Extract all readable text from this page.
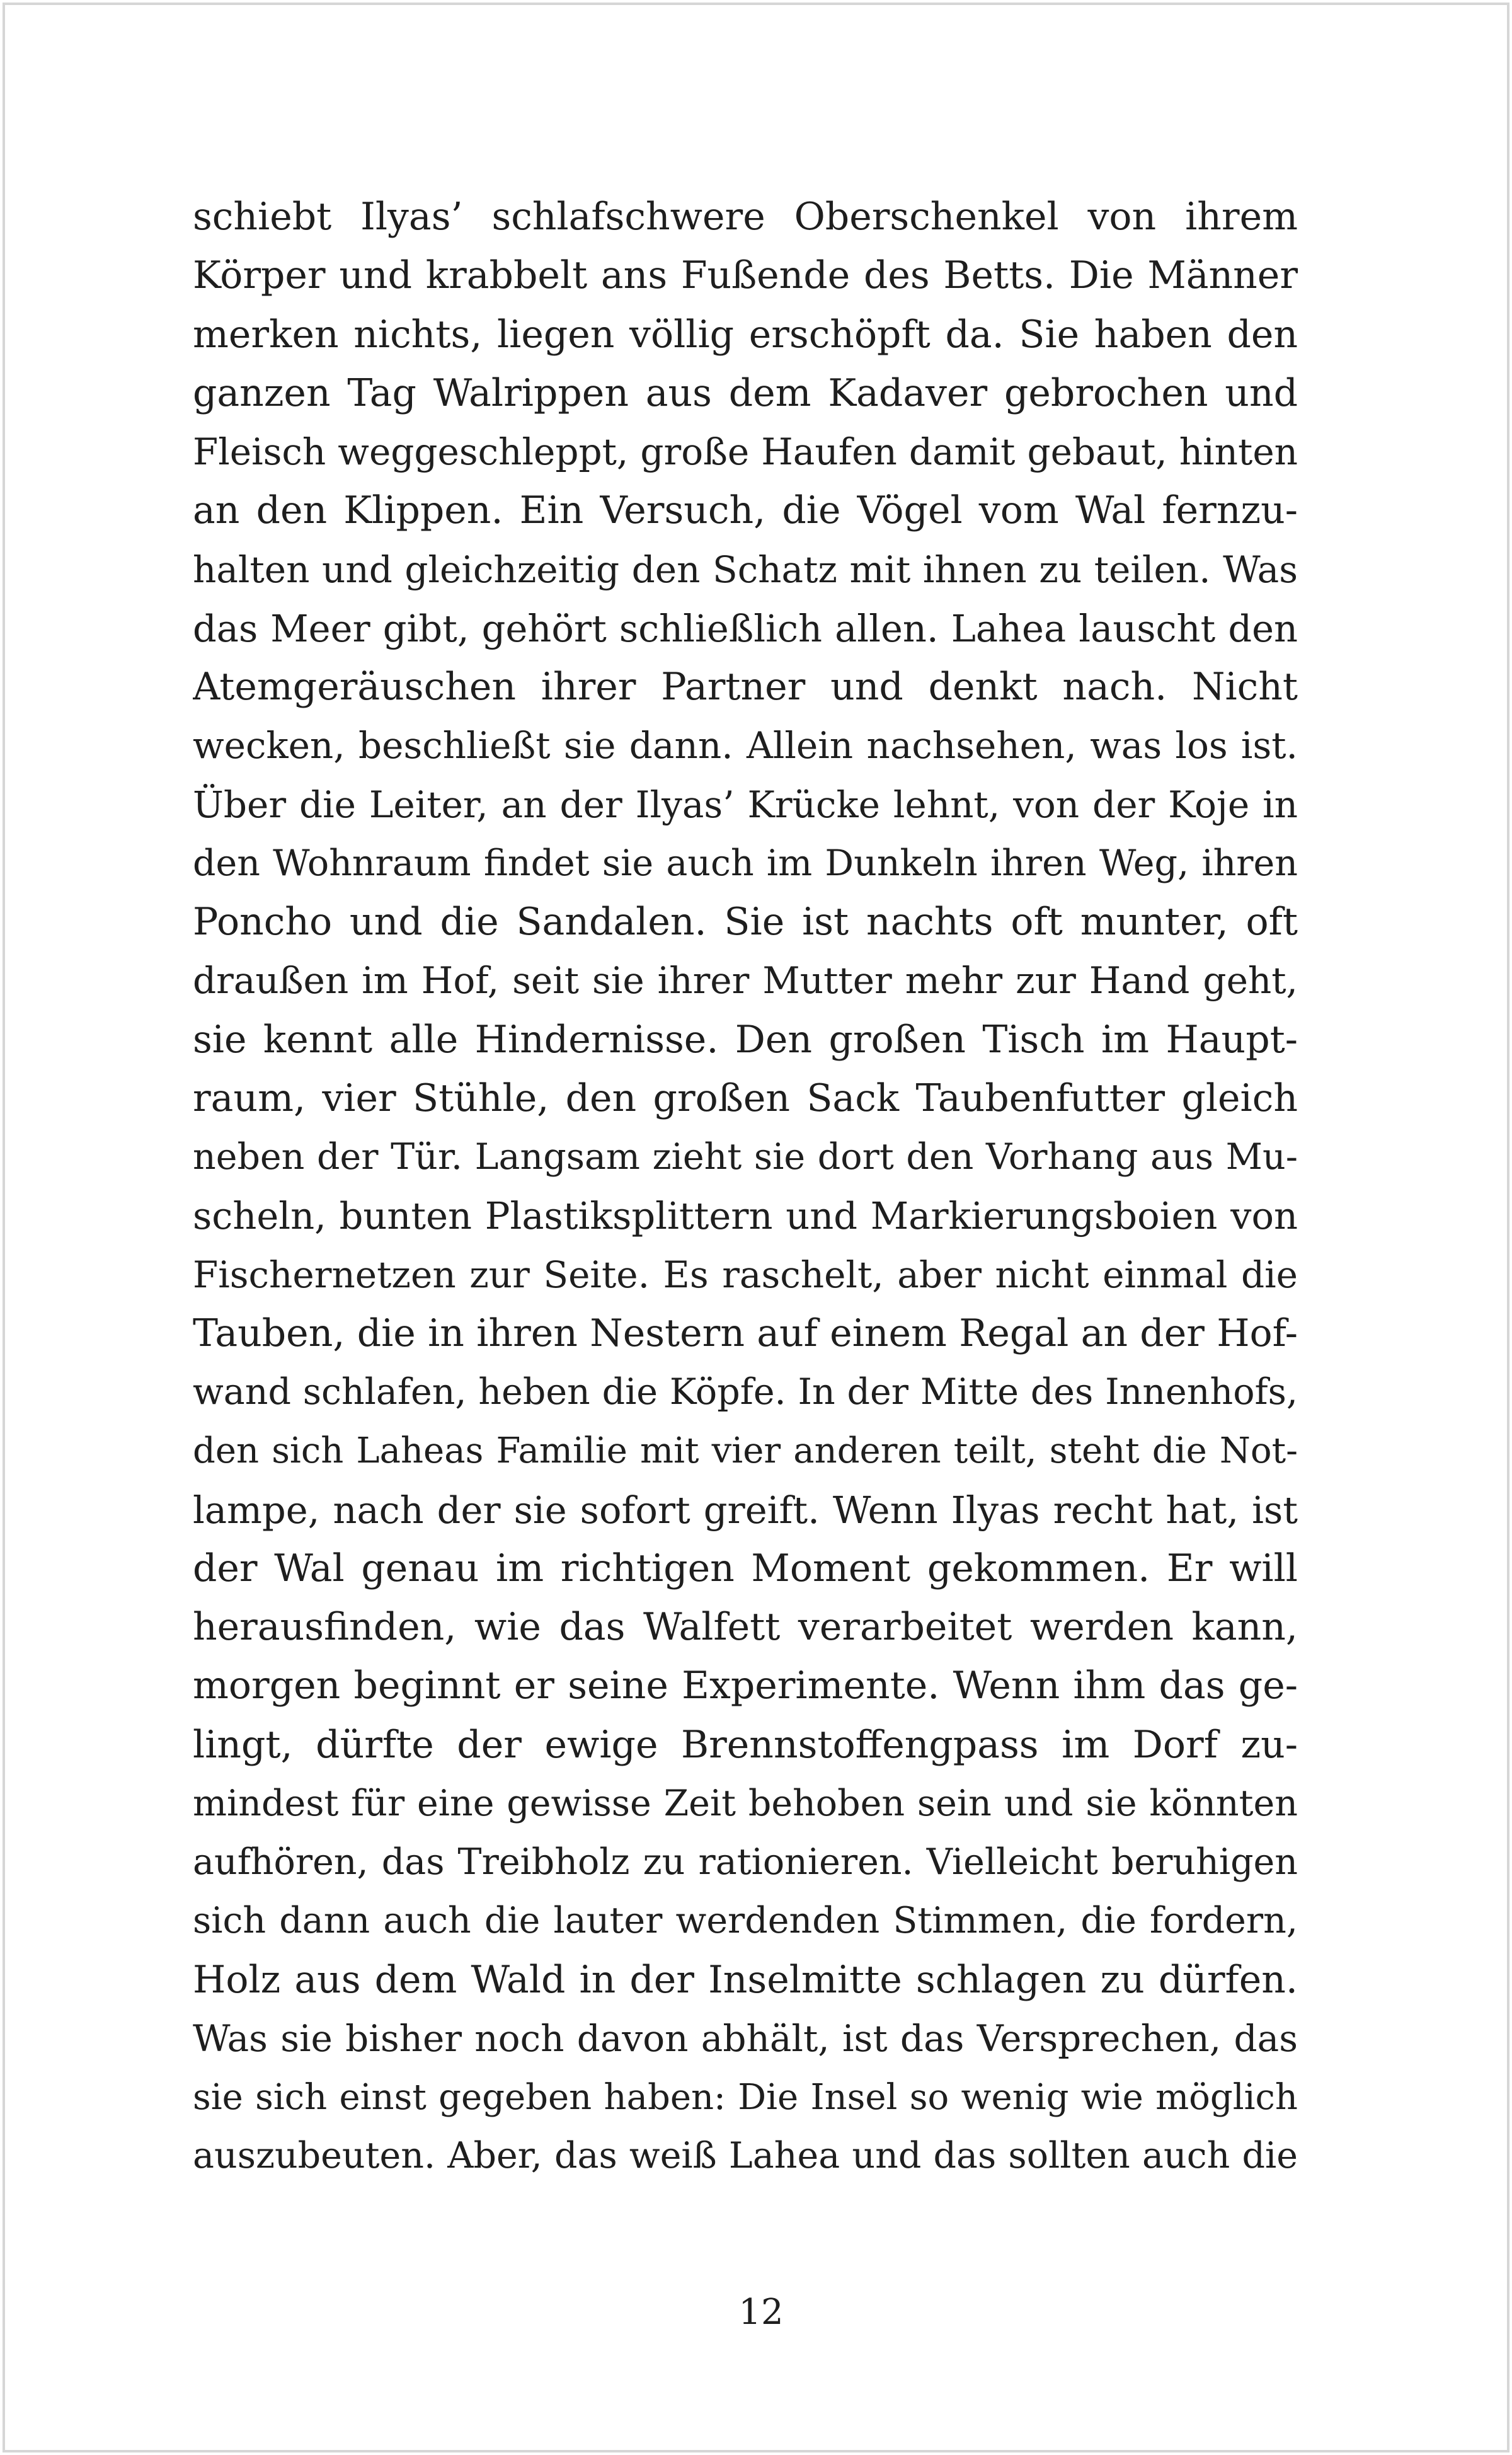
schiebt Ilyas’ schlafschwere Oberschenkel von ihrem
Körper und krabbelt ans Fußende des Betts. Die Männer
merken nichts, liegen völlig erschöpft da. Sie haben den
ganzen Tag Walrippen aus dem Kadaver gebrochen und
Fleisch weggeschleppt, große Haufen damit gebaut, hinten
an den Klippen. Ein Versuch, die Vögel vom Wal fernzu-
halten und gleichzeitig den Schatz mit ihnen zu teilen. Was
das Meer gibt, gehört schließlich allen. Lahea lauscht den
Atemgeräuschen ihrer Partner und denkt nach. Nicht
wecken, beschließt sie dann. Allein nachsehen, was los ist.
Über die Leiter, an der Ilyas’ Krücke lehnt, von der Koje in
den Wohnraum findet sie auch im Dunkeln ihren Weg, ihren
Poncho und die Sandalen. Sie ist nachts oft munter, oft
draußen im Hof, seit sie ihrer Mutter mehr zur Hand geht,
sie kennt alle Hindernisse. Den großen Tisch im Haupt-
raum, vier Stühle, den großen Sack Taubenfutter gleich
neben der Tür. Langsam zieht sie dort den Vorhang aus Mu-
scheln, bunten Plastiksplittern und Markierungsboien von
Fischernetzen zur Seite. Es raschelt, aber nicht einmal die
Tauben, die in ihren Nestern auf einem Regal an der Hof-
wand schlafen, heben die Köpfe. In der Mitte des Innenhofs,
den sich Laheas Familie mit vier anderen teilt, steht die Not-
lampe, nach der sie sofort greift. Wenn Ilyas recht hat, ist
der Wal genau im richtigen Moment gekommen. Er will
herausfinden, wie das Walfett verarbeitet werden kann,
morgen beginnt er seine Experimente. Wenn ihm das ge-
lingt, dürfte der ewige Brennstoffengpass im Dorf zu-
mindest für eine gewisse Zeit behoben sein und sie könnten
aufhören, das Treibholz zu rationieren. Vielleicht beruhigen
sich dann auch die lauter werdenden Stimmen, die fordern,
Holz aus dem Wald in der Inselmitte schlagen zu dürfen.
Was sie bisher noch davon abhält, ist das Versprechen, das
sie sich einst gegeben haben: Die Insel so wenig wie möglich
auszubeuten. Aber, das weiß Lahea und das sollten auch die
12
